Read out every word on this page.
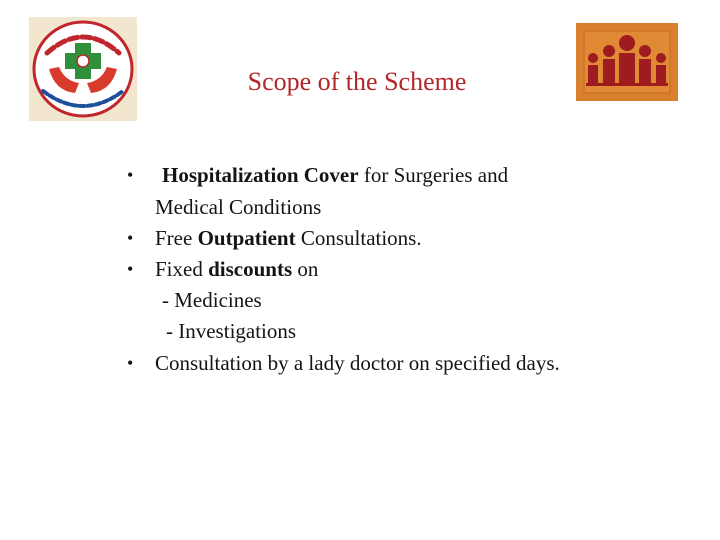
Scope of the Scheme
• Hospitalization Cover for Surgeries and
Medical Conditions
• Free Outpatient Consultations.
• Fixed discounts on
- Medicines
- Investigations
• Consultation by a lady doctor on specified days.
